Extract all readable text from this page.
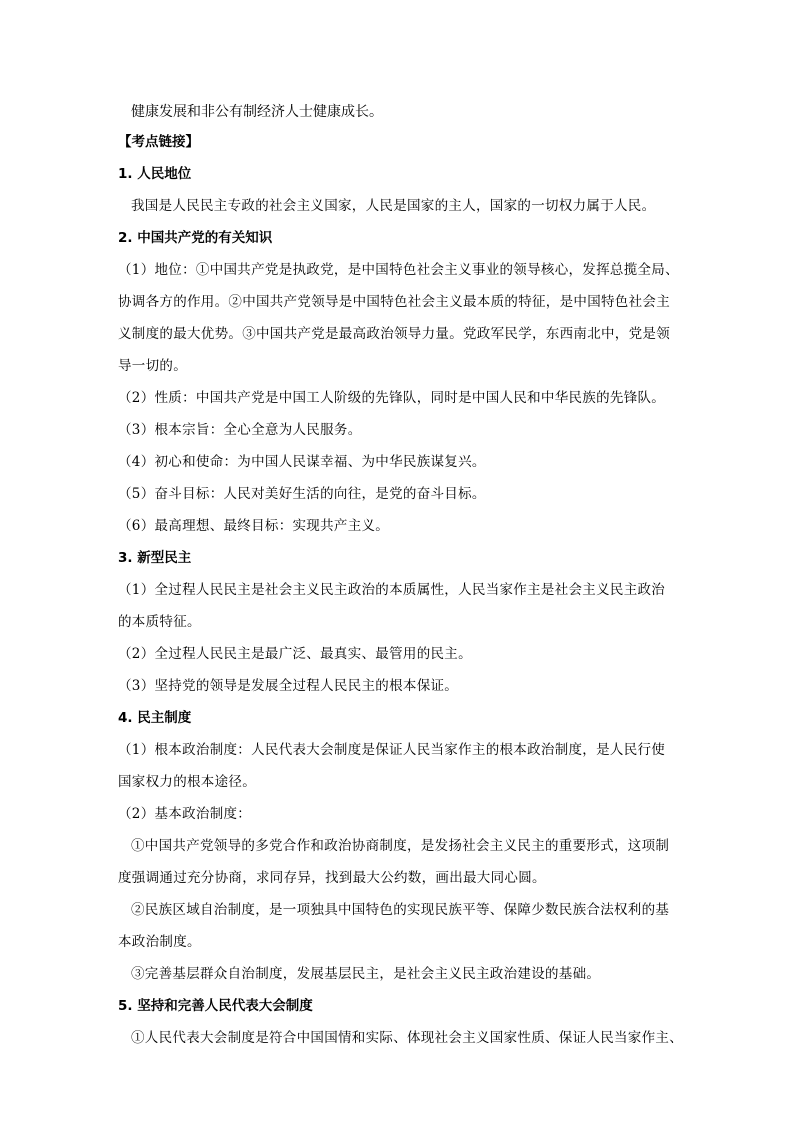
健康发展和非公有制经济人士健康成长。
【考点链接】
1. 人民地位
我国是人民民主专政的社会主义国家，人民是国家的主人，国家的一切权力属于人民。
2. 中国共产党的有关知识
（1）地位：①中国共产党是执政党，是中国特色社会主义事业的领导核心，发挥总揽全局、
协调各方的作用。②中国共产党领导是中国特色社会主义最本质的特征，是中国特色社会主
义制度的最大优势。③中国共产党是最高政治领导力量。党政军民学，东西南北中，党是领
导一切的。
（2）性质：中国共产党是中国工人阶级的先锋队，同时是中国人民和中华民族的先锋队。
（3）根本宗旨：全心全意为人民服务。
（4）初心和使命：为中国人民谋幸福、为中华民族谋复兴。
（5）奋斗目标：人民对美好生活的向往，是党的奋斗目标。
（6）最高理想、最终目标：实现共产主义。
3. 新型民主
（1）全过程人民民主是社会主义民主政治的本质属性，人民当家作主是社会主义民主政治
的本质特征。
（2）全过程人民民主是最广泛、最真实、最管用的民主。
（3）坚持党的领导是发展全过程人民民主的根本保证。
4. 民主制度
（1）根本政治制度：人民代表大会制度是保证人民当家作主的根本政治制度，是人民行使
国家权力的根本途径。
（2）基本政治制度：
①中国共产党领导的多党合作和政治协商制度，是发扬社会主义民主的重要形式，这项制
度强调通过充分协商，求同存异，找到最大公约数，画出最大同心圆。
②民族区域自治制度，是一项独具中国特色的实现民族平等、保障少数民族合法权利的基
本政治制度。
③完善基层群众自治制度，发展基层民主，是社会主义民主政治建设的基础。
5. 坚持和完善人民代表大会制度
①人民代表大会制度是符合中国国情和实际、体现社会主义国家性质、保证人民当家作主、
